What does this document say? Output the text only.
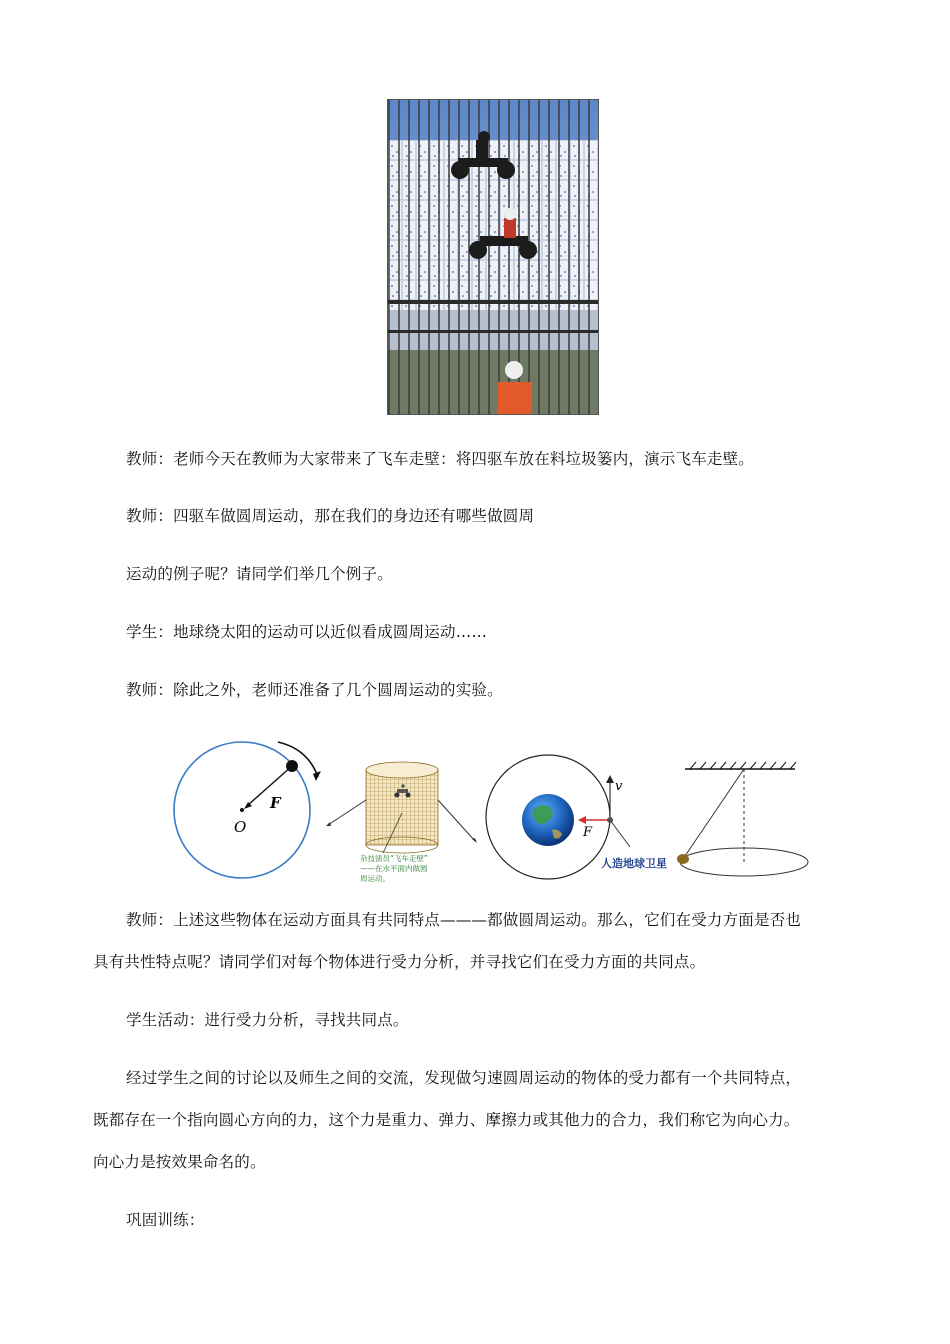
教师：老师今天在教师为大家带来了飞车走壁：将四驱车放在料垃圾篓内，演示飞车走壁。
教师：四驱车做圆周运动，那在我们的身边还有哪些做圆周
运动的例子呢？请同学们举几个例子。
学生：地球绕太阳的运动可以近似看成圆周运动……
教师：除此之外，老师还准备了几个圆周运动的实验。
F
O
杂技演员“飞车走壁”
——在水平面内做圆
周运动。
v
F
人造地球卫星
教师：上述这些物体在运动方面具有共同特点———都做圆周运动。那么，它们在受力方面是否也
具有共性特点呢？请同学们对每个物体进行受力分析，并寻找它们在受力方面的共同点。
学生活动：进行受力分析，寻找共同点。
经过学生之间的讨论以及师生之间的交流，发现做匀速圆周运动的物体的受力都有一个共同特点，
既都存在一个指向圆心方向的力，这个力是重力、弹力、摩擦力或其他力的合力，我们称它为向心力。
向心力是按效果命名的。
巩固训练：
